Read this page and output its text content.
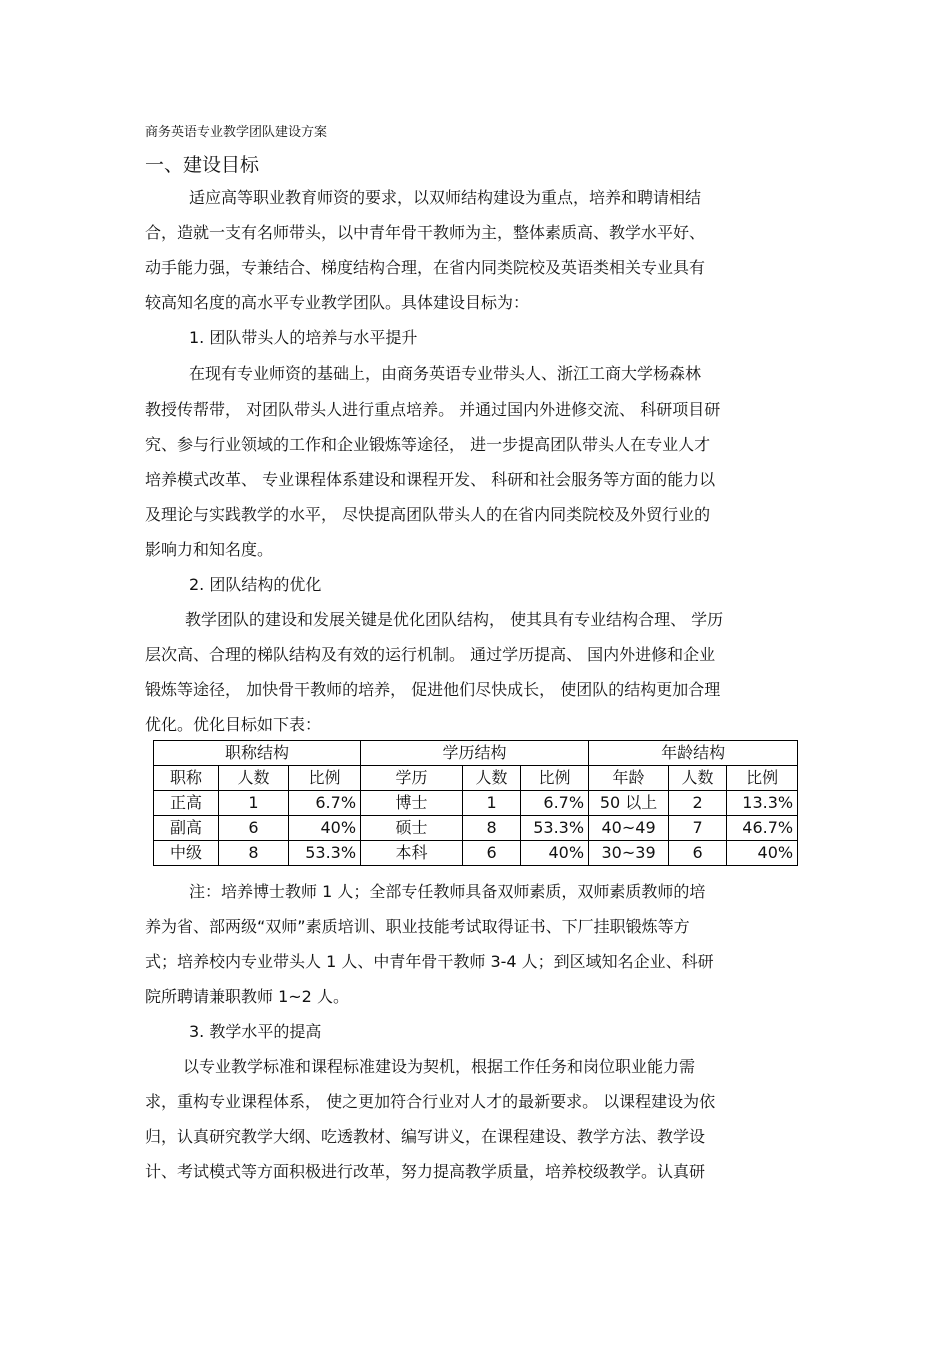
商务英语专业教学团队建设方案
一、建设目标
适应高等职业教育师资的要求，以双师结构建设为重点，培养和聘请相结
合，造就一支有名师带头，以中青年骨干教师为主，整体素质高、教学水平好、
动手能力强，专兼结合、梯度结构合理，在省内同类院校及英语类相关专业具有
较高知名度的高水平专业教学团队。具体建设目标为：
1. 团队带头人的培养与水平提升
在现有专业师资的基础上，由商务英语专业带头人、浙江工商大学杨森林
教授传帮带， 对团队带头人进行重点培养。 并通过国内外进修交流、 科研项目研
究、参与行业领域的工作和企业锻炼等途径， 进一步提高团队带头人在专业人才
培养模式改革、 专业课程体系建设和课程开发、 科研和社会服务等方面的能力以
及理论与实践教学的水平， 尽快提高团队带头人的在省内同类院校及外贸行业的
影响力和知名度。
2. 团队结构的优化
教学团队的建设和发展关键是优化团队结构， 使其具有专业结构合理、 学历
层次高、合理的梯队结构及有效的运行机制。 通过学历提高、 国内外进修和企业
锻炼等途径， 加快骨干教师的培养， 促进他们尽快成长， 使团队的结构更加合理
优化。优化目标如下表：
职称结构			学历结构			年龄结构		
职称	人数	比例	学历	人数	比例	年龄	人数	比例
正高	1	6.7%	博士	1	6.7%	50 以上	2	13.3%
副高	6	40%	硕士	8	53.3%	40~49	7	46.7%
中级	8	53.3%	本科	6	40%	30~39	6	40%
注：培养博士教师 1 人；全部专任教师具备双师素质，双师素质教师的培
养为省、部两级“双师”素质培训、职业技能考试取得证书、下厂挂职锻炼等方
式；培养校内专业带头人 1 人、中青年骨干教师 3-4 人；到区域知名企业、科研
院所聘请兼职教师 1~2 人。
3. 教学水平的提高
以专业教学标准和课程标准建设为契机，根据工作任务和岗位职业能力需
求，重构专业课程体系， 使之更加符合行业对人才的最新要求。 以课程建设为依
归，认真研究教学大纲、吃透教材、编写讲义，在课程建设、教学方法、教学设
计、考试模式等方面积极进行改革，努力提高教学质量，培养校级教学。认真研
